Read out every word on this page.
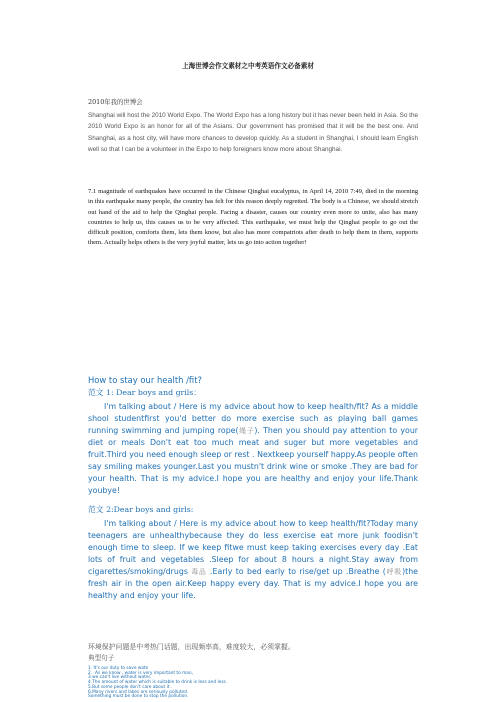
上海世博会作文素材之中考英语作文必备素材
2010年我的世博会

Shanghai will host the 2010 World Expo. The World Expo has a long history but it has never been held in Asia. So the 2010 World Expo is an honor for all of the Asians. Our government has promised that it will be the best one. And Shanghai, as a host city, will have more chances to develop quickly. As a student in Shanghai, I should learn English well so that I can be a volunteer in the Expo to help foreigners know more about Shanghai.

7.1 magnitude of earthquakes have occurred in the Chinese Qinghai eucalyptus, in April 14, 2010 7:49, died in the morning in this earthquake many people, the country has felt for this reason deeply regretted. The body is a Chinese, we should stretch out hand of the aid to help the Qinghai people. Facing a disaster, causes our country even more to unite, also has many countries to help us, this causes us to be very affected. This earthquake, we must help the Qinghai people to go out the difficult position, comforts them, lets them know, but also has more compatriots after death to help them in them, supports them. Actually helps others is the very joyful matter, lets us go into action together!

How to stay our health /fit?
范文 1: Dear boys and grils：

I'm talking about / Here is my advice about how to keep health/fit? As a middle shool studentfirst you'd better do more exercise such as playing ball games running swimming and jumping rope(绳子). Then you should pay attention to your diet or meals Don't eat too much meat and suger but more vegetables and fruit.Third you need enough sleep or rest . Nextkeep yourself happy.As people often say smiling makes younger.Last you mustn't drink wine or smoke .They are bad for your health. That is my advice.I hope you are healthy and enjoy your life.Thank youbye!

范文 2:Dear boys and girls:

I'm talking about / Here is my advice about how to keep health/fit?Today many teenagers are unhealthybecause they do less exercise eat more junk foodisn't enough time to sleep. If we keep fitwe must keep taking exercises every day .Eat lots of fruit and vegetables .Sleep for about 8 hours a night.Stay away from cigarettes/smoking/drugs 毒品 .Early to bed early to rise/get up .Breathe (呼吸)the fresh air in the open air.Keep happy every day. That is my advice.I hope you are healthy and enjoy your life.

环境保护问题是中考热门话题，出现频率高，难度较大，必须掌握。
典型句子
1. It's our duty to save wate
2．As we know , water is very important to man,
3.we can't live without water.
4.The amount of water which is suitable to drink is less and less.
5.But some people don't care about it .
6.Many rivers and lakes are seriously polluted.
Something must be done to stop the pollution.
